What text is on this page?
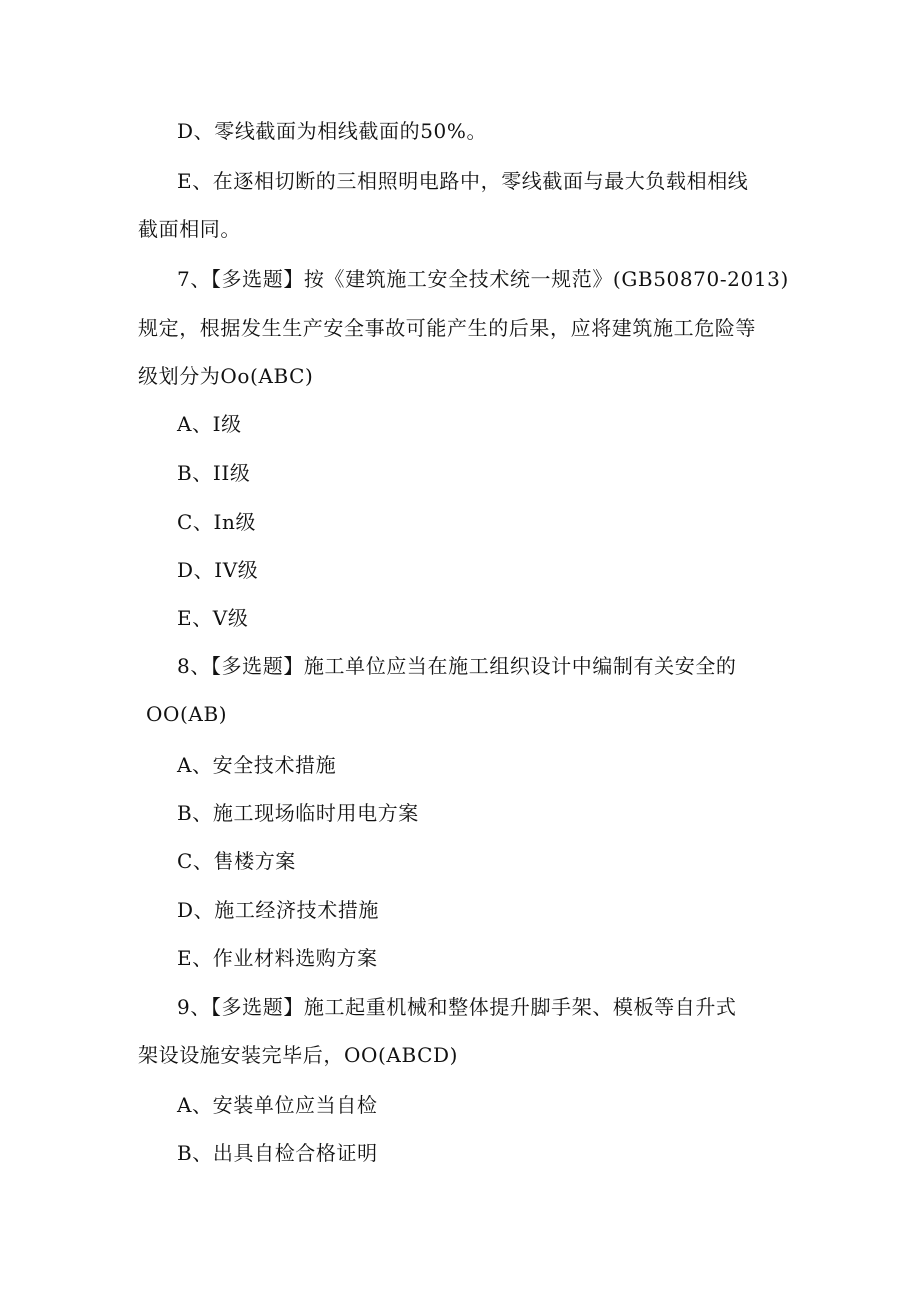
D、零线截面为相线截面的50%。
E、在逐相切断的三相照明电路中，零线截面与最大负载相相线
截面相同。
7、【多选题】按《建筑施工安全技术统一规范》(GB50870-2013)
规定，根据发生生产安全事故可能产生的后果，应将建筑施工危险等
级划分为Oo(ABC)
A、I级
B、II级
C、In级
D、IV级
E、V级
8、【多选题】施工单位应当在施工组织设计中编制有关安全的
OO(AB)
A、安全技术措施
B、施工现场临时用电方案
C、售楼方案
D、施工经济技术措施
E、作业材料选购方案
9、【多选题】施工起重机械和整体提升脚手架、模板等自升式
架设设施安装完毕后，OO(ABCD)
A、安装单位应当自检
B、出具自检合格证明
